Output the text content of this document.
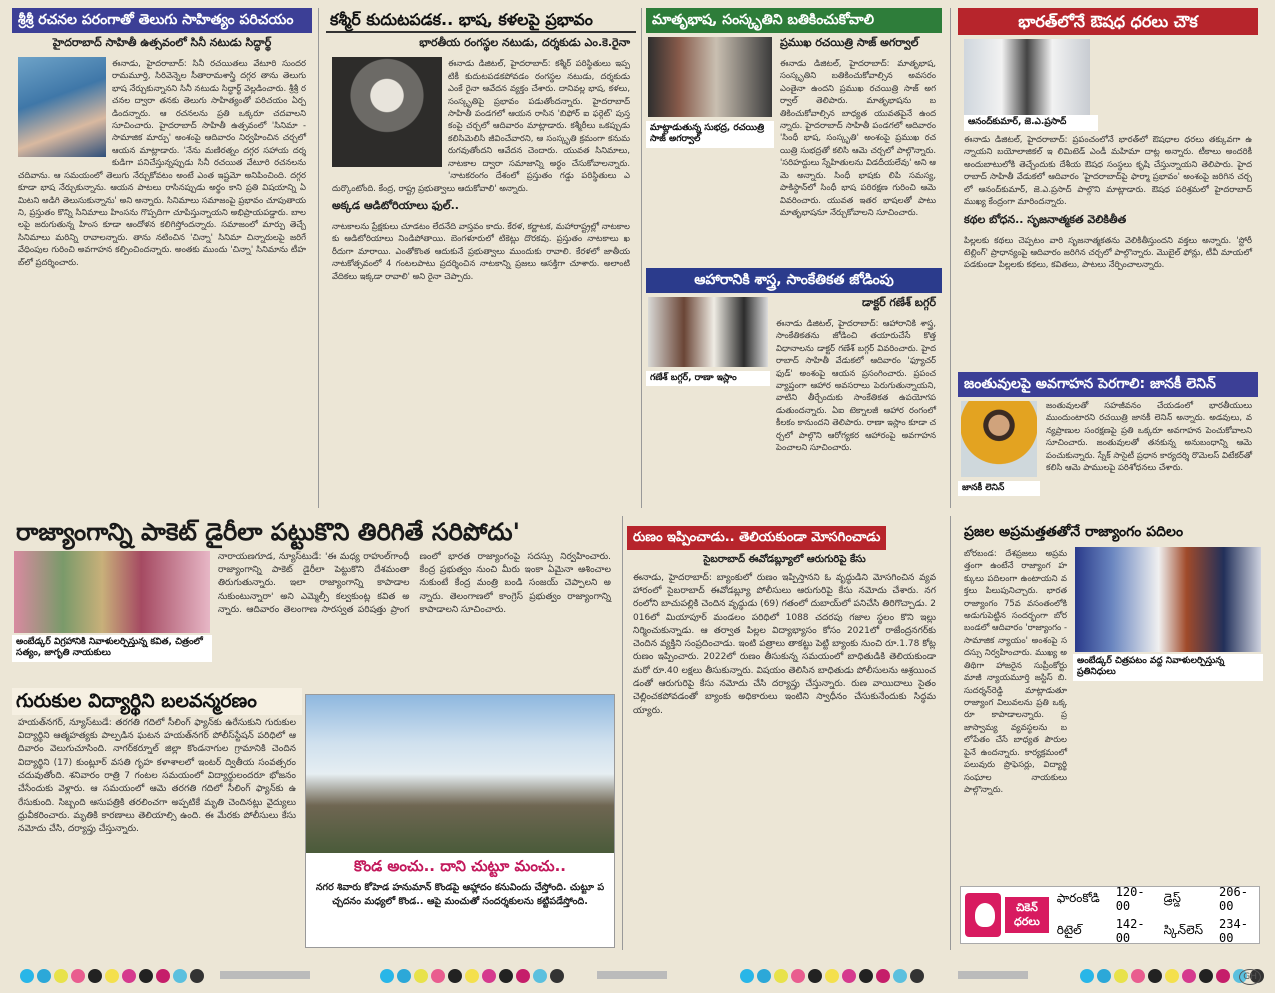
శ్రీశ్రీ రచనల పరంగాతో తెలుగు సాహిత్యం పరిచయం
హైదరాబాద్ సాహితీ ఉత్సవంలో సినీ నటుడు సిద్ధార్థ్
ఈనాడు, హైదరాబాద్: సినీ రచయితలు వేటూరి సుందరరామమూర్తి, సిరివెన్నెల సీతారామశాస్త్రి దగ్గర తాను తెలుగు భాష నేర్చుకున్నానని సినీ నటుడు సిద్ధార్థ్ వెల్లడించారు. శ్రీశ్రీ రచనల ద్వారా తనకు తెలుగు సాహిత్యంతో పరిచయం ఏర్పడిందన్నారు. ఆ రచనలను ప్రతి ఒక్కరూ చదవాలని సూచించారు. హైదరాబాద్ సాహితీ ఉత్సవంలో 'సినిమా - సామాజిక మార్పు' అంశంపై ఆదివారం నిర్వహించిన చర్చలో ఆయన మాట్లాడారు. 'నేను మణిరత్నం దగ్గర సహాయ దర్శకుడిగా పనిచేస్తున్నప్పుడు సినీ రచయిత వేటూరి రచనలను చదివాను. ఆ సమయంలో తెలుగు నేర్చుకోవటం అంటే ఎంత ఇష్టమో అనిపించింది. దగ్గర కూడా భాష నేర్చుకున్నాను. ఆయన పాటలు రాసినప్పుడు అర్థం కాని ప్రతి విషయాన్ని ఏమిటని అడిగి తెలుసుకున్నాను' అని అన్నారు. సినిమాలు సమాజంపై ప్రభావం చూపుతాయని, ప్రస్తుతం కొన్ని సినిమాలు హింసను గొప్పదిగా చూపిస్తున్నాయని అభిప్రాయపడ్డారు. బాలలపై జరుగుతున్న హింస కూడా ఆందోళన కలిగిస్తోందన్నారు. సమాజంలో మార్పు తెచ్చే సినిమాలు మరిన్ని రావాలన్నారు. తాను నటించిన 'చిన్నా' సినిమా చిన్నారులపై జరిగే వేధింపుల గురించి అవగాహన కల్పించిందన్నారు. అంతకు ముందు 'చిన్నా' సినిమాను టీహబ్‌లో ప్రదర్శించారు.
కశ్మీర్ కుదుటపడక.. భాష, కళలపై ప్రభావం
భారతీయ రంగస్థల నటుడు, దర్శకుడు ఎం.కె.రైనా
ఈనాడు డిజిటల్, హైదరాబాద్: కశ్మీర్ పరిస్థితులు ఇప్పటికీ కుదుటపడకపోవడం రంగస్థల నటుడు, దర్శకుడు ఎంకే రైనా ఆవేదన వ్యక్తం చేశారు. దానివల్ల భాష, కళలు, సంస్కృతిపై ప్రభావం పడుతోందన్నారు. హైదరాబాద్ సాహితీ పండగలో ఆయన రాసిన 'బిఫోర్ ఐ ఫర్గెట్' పుస్తకంపై చర్చలో ఆదివారం మాట్లాడారు. కశ్మీరీలు ఒకప్పుడు కలిసిమెలిసి జీవించేవారని, ఆ సంస్కృతి క్రమంగా కనుమరుగవుతోందని ఆవేదన చెందారు. యువత సినిమాలు, నాటకాల ద్వారా సమాజాన్ని అర్థం చేసుకోవాలన్నారు. 'నాటకరంగం దేశంలో ప్రస్తుతం గడ్డు పరిస్థితులు ఎదుర్కొంటోంది. కేంద్ర, రాష్ట్ర ప్రభుత్వాలు ఆదుకోవాలి' అన్నారు.
అక్కడ ఆడిటోరియాలు ఫుల్..
నాటకాలను ప్రేక్షకులు చూడటం లేదనేది వాస్తవం కాదు. కేరళ, కర్ణాటక, మహారాష్ట్రల్లో నాటకాలకు ఆడిటోరియాలు నిండిపోతాయి. బెంగళూరులో టికెట్లు దొరకవు. ప్రస్తుతం నాటకాలు ఖరీదుగా మారాయి. ఎంతోకొంత ఆదుకునే ప్రభుత్వాలు ముందుకు రావాలి. కేరళలో జాతీయ నాటకోత్సవంలో 4 గంటలపాటు ప్రదర్శించిన నాటకాన్ని ప్రజలు ఆసక్తిగా చూశారు. అలాంటి వేదికలు ఇక్కడా రావాలి' అని రైనా చెప్పారు.
మాతృభాష, సంస్కృతిని బతికించుకోవాలి
మాట్లాడుతున్న సుభద్ర, రచయిత్రి సాజ్ అగర్వాల్
ప్రముఖ రచయిత్రి సాజ్ అగర్వాల్
ఈనాడు డిజిటల్, హైదరాబాద్: మాతృభాష, సంస్కృతిని బతికించుకోవాల్సిన అవసరం ఎంతైనా ఉందని ప్రముఖ రచయిత్రి సాజ్ అగర్వాల్ తెలిపారు. మాతృభాషను బతికించుకోవాల్సిన బాధ్యత యువతపైనే ఉందన్నారు. హైదరాబాద్ సాహితీ పండగలో ఆదివారం 'సింధీ భాష, సంస్కృతి' అంశంపై ప్రముఖ రచయిత్రి సుభద్రతో కలిసి ఆమె చర్చలో పాల్గొన్నారు. 'సరిహద్దులు స్నేహితులను విడదీయలేవు' అని ఆమె అన్నారు. సింధీ భాషకు లిపి సమస్య, పాకిస్థాన్‌లో సింధీ భాష పరిరక్షణ గురించి ఆమె వివరించారు. యువత ఇతర భాషలతో పాటు మాతృభాషనూ నేర్చుకోవాలని సూచించారు.
ఆహారానికి శాస్త్ర, సాంకేతికత జోడింపు
గణేశ్ బగ్గర్, రాణా ఇస్లాం
డాక్టర్ గణేశ్ బగ్గర్
ఈనాడు డిజిటల్, హైదరాబాద్: ఆహారానికి శాస్త్ర, సాంకేతికతను జోడించి తయారుచేసే కొత్త విధానాలను డాక్టర్ గణేశ్ బగ్గర్ వివరించారు. హైదరాబాద్ సాహితీ వేడుకలో ఆదివారం 'ఫ్యూచర్ ఫుడ్' అంశంపై ఆయన ప్రసంగించారు. ప్రపంచ వ్యాప్తంగా ఆహార అవసరాలు పెరుగుతున్నాయని, వాటిని తీర్చేందుకు సాంకేతికత ఉపయోగపడుతుందన్నారు. ఏఐ టెక్నాలజీ ఆహార రంగంలో కీలకం కానుందని తెలిపారు. రాణా ఇస్లాం కూడా చర్చలో పాల్గొని ఆరోగ్యకర ఆహారంపై అవగాహన పెంచాలని సూచించారు.
భారత్‌లోనే ఔషధ ధరలు చౌక
ఆనంద్‌కుమార్, జె.ఎ.ప్రసాద్
ఈనాడు డిజిటల్, హైదరాబాద్: ప్రపంచంలోనే భారత్‌లో ఔషధాల ధరలు తక్కువగా ఉన్నాయని బయోలాజికల్ ఇ లిమిటెడ్ ఎండీ మహిమా దాట్ల అన్నారు. టీకాలు అందరికీ అందుబాటులోకి తెచ్చేందుకు దేశీయ ఔషధ సంస్థలు కృషి చేస్తున్నాయని తెలిపారు. హైదరాబాద్ సాహితీ వేడుకలో ఆదివారం 'హైదరాబాద్‌పై ఫార్మా ప్రభావం' అంశంపై జరిగిన చర్చలో ఆనంద్‌కుమార్, జె.ఎ.ప్రసాద్ పాల్గొని మాట్లాడారు. ఔషధ పరిశ్రమలో హైదరాబాద్ ముఖ్య కేంద్రంగా మారిందన్నారు.
కథల బోధన.. సృజనాత్మకత వెలికితీత
పిల్లలకు కథలు చెప్పటం వారి సృజనాత్మకతను వెలికితీస్తుందని వక్తలు అన్నారు. 'స్టోరీ టెల్లింగ్' ప్రాధాన్యంపై ఆదివారం జరిగిన చర్చలో పాల్గొన్నారు. మొబైల్ ఫోన్లు, టీవీ మాయలో పడకుండా పిల్లలకు కథలు, కవితలు, పాటలు నేర్పించాలన్నారు.
జంతువులపై అవగాహన పెరగాలి: జానకీ లెనిన్
జానకీ లెనిన్
జంతువులతో సహజీవనం చేయడంలో భారతీయులు ముందుంటారని రచయిత్రి జానకీ లెనిన్ అన్నారు. అడవులు, వన్యప్రాణుల సంరక్షణపై ప్రతి ఒక్కరూ అవగాహన పెంచుకోవాలని సూచించారు. జంతువులతో తనకున్న అనుబంధాన్ని ఆమె పంచుకున్నారు. స్నేక్ సాసైటీ ప్రధాన కార్యదర్శి రొమెలస్ విటేకర్‌తో కలిసి ఆమె పాములపై పరిశోధనలు చేశారు.
రాజ్యాంగాన్ని పాకెట్ డైరీలా పట్టుకొని తిరిగితే సరిపోదు'
అంబేడ్కర్ విగ్రహానికి నివాళులర్పిస్తున్న కవిత, చిత్రంలో సత్యం, జాగృతి నాయకులు
నారాయణగూడ, న్యూస్‌టుడే: 'ఈ మధ్య రాహుల్‌గాంధీ రాజ్యాంగాన్ని పాకెట్ డైరీలా పెట్టుకొని దేశమంతా తిరుగుతున్నారు. ఇలా రాజ్యాంగాన్ని కాపాడాలనుకుంటున్నారా' అని ఎమ్మెల్సీ కల్వకుంట్ల కవిత అన్నారు. ఆదివారం తెలంగాణ సారస్వత పరిషత్తు ప్రాంగణంలో భారత రాజ్యాంగంపై సదస్సు నిర్వహించారు. కేంద్ర ప్రభుత్వం నుంచి మీరు ఇంకా ఏమైనా ఆశించాలనుకుంటే కేంద్ర మంత్రి బండి సంజయ్ చెప్పాలని అన్నారు. తెలంగాణలో కాంగ్రెస్ ప్రభుత్వం రాజ్యాంగాన్ని కాపాడాలని సూచించారు.
గురుకుల విద్యార్థిని బలవన్మరణం
హయత్‌నగర్, న్యూస్‌టుడే: తరగతి గదిలో సీలింగ్ ఫ్యాన్‌కు ఉరేసుకుని గురుకుల విద్యార్థిని ఆత్మహత్యకు పాల్పడిన ఘటన హయత్‌నగర్ పోలీస్‌స్టేషన్ పరిధిలో ఆదివారం వెలుగుచూసింది. నాగర్‌కర్నూల్ జిల్లా కొండనాగుల గ్రామానికి చెందిన విద్యార్థిని (17) కుంట్లూర్ వసతి గృహ కళాశాలలో ఇంటర్ ద్వితీయ సంవత్సరం చదువుతోంది. శనివారం రాత్రి 7 గంటల సమయంలో విద్యార్థులందరూ భోజనం చేసేందుకు వెళ్లారు. ఆ సమయంలో ఆమె తరగతి గదిలో సీలింగ్ ఫ్యాన్‌కు ఉరేసుకుంది. సిబ్బంది ఆసుపత్రికి తరలించగా అప్పటికే మృతి చెందినట్లు వైద్యులు ధ్రువీకరించారు. మృతికి కారణాలు తెలియాల్సి ఉంది. ఈ మేరకు పోలీసులు కేసు నమోదు చేసి, దర్యాప్తు చేస్తున్నారు.
కొండ అంచు.. దాని చుట్టూ మంచు..
నగర శివారు కోహెడ హనుమాన్ కొండపై ఆహ్లాదం కనువిందు చేస్తోంది. చుట్టూ పచ్చదనం మధ్యలో కొండ.. ఆపై మంచుతో సందర్శకులను కట్టిపడేస్తోంది.
రుణం ఇప్పించాడు.. తెలియకుండా మోసగించాడు
సైబరాబాద్ ఈవోడబ్ల్యూలో ఆరుగురిపై కేసు
ఈనాడు, హైదరాబాద్: బ్యాంకులో రుణం ఇప్పిస్తానని ఓ వృద్ధుడిని మోసగించిన వ్యవహారంలో సైబరాబాద్ ఈవోడబ్ల్యూ పోలీసులు ఆరుగురిపై కేసు నమోదు చేశారు. నగరంలోని బాచుపల్లికి చెందిన వృద్ధుడు (69) గతంలో దుబాయ్‌లో పనిచేసి తిరిగొచ్చాడు. 2016లో మియాపూర్ మండలం పరిధిలో 1088 చదరపు గజాల స్థలం కొని ఇల్లు నిర్మించుకున్నాడు. ఆ తర్వాత పిల్లల విద్యాభ్యాసం కోసం 2021లో రాజేంద్రనగర్‌కు చెందిన వ్యక్తిని సంప్రదించాడు. ఇంటి పత్రాలు తాకట్టు పెట్టి బ్యాంకు నుంచి రూ.1.78 కోట్ల రుణం ఇప్పించారు. 2022లో రుణం తీసుకున్న సమయంలో బాధితుడికి తెలియకుండా మరో రూ.40 లక్షలు తీసుకున్నారు. విషయం తెలిసిన బాధితుడు పోలీసులను ఆశ్రయించడంతో ఆరుగురిపై కేసు నమోదు చేసి దర్యాప్తు చేస్తున్నారు. రుణ వాయిదాలు సైతం చెల్లించకపోవడంతో బ్యాంకు అధికారులు ఇంటిని స్వాధీనం చేసుకునేందుకు సిద్ధమయ్యారు.
ప్రజల అప్రమత్తతతోనే రాజ్యాంగం పదిలం
బోరబండ: దేశప్రజలు అప్రమత్తంగా ఉంటేనే రాజ్యాంగ హక్కులు పదిలంగా ఉంటాయని వక్తలు పిలుపునిచ్చారు. భారత రాజ్యాంగం 75వ వసంతంలోకి అడుగుపెట్టిన సందర్భంగా బోరబండలో ఆదివారం 'రాజ్యాంగం - సామాజిక న్యాయం' అంశంపై సదస్సు నిర్వహించారు. ముఖ్య అతిథిగా హాజరైన సుప్రీంకోర్టు మాజీ న్యాయమూర్తి జస్టిస్ బి.సుదర్శన్‌రెడ్డి మాట్లాడుతూ రాజ్యాంగ విలువలను ప్రతి ఒక్కరూ కాపాడాలన్నారు. ప్రజాస్వామ్య వ్యవస్థలను బలోపేతం చేసే బాధ్యత పౌరులపైనే ఉందన్నారు. కార్యక్రమంలో పలువురు ప్రొఫెసర్లు, విద్యార్థి సంఘాల నాయకులు పాల్గొన్నారు.
అంబేడ్కర్ చిత్రపటం వద్ద నివాళులర్పిస్తున్న ప్రతినిధులు
చికెన్ ధరలు
ఫారంకోడి	120-00	డ్రెస్డ్	206-00
రిటైల్	142-00	స్కిన్‌లెస్	234-00
GH
